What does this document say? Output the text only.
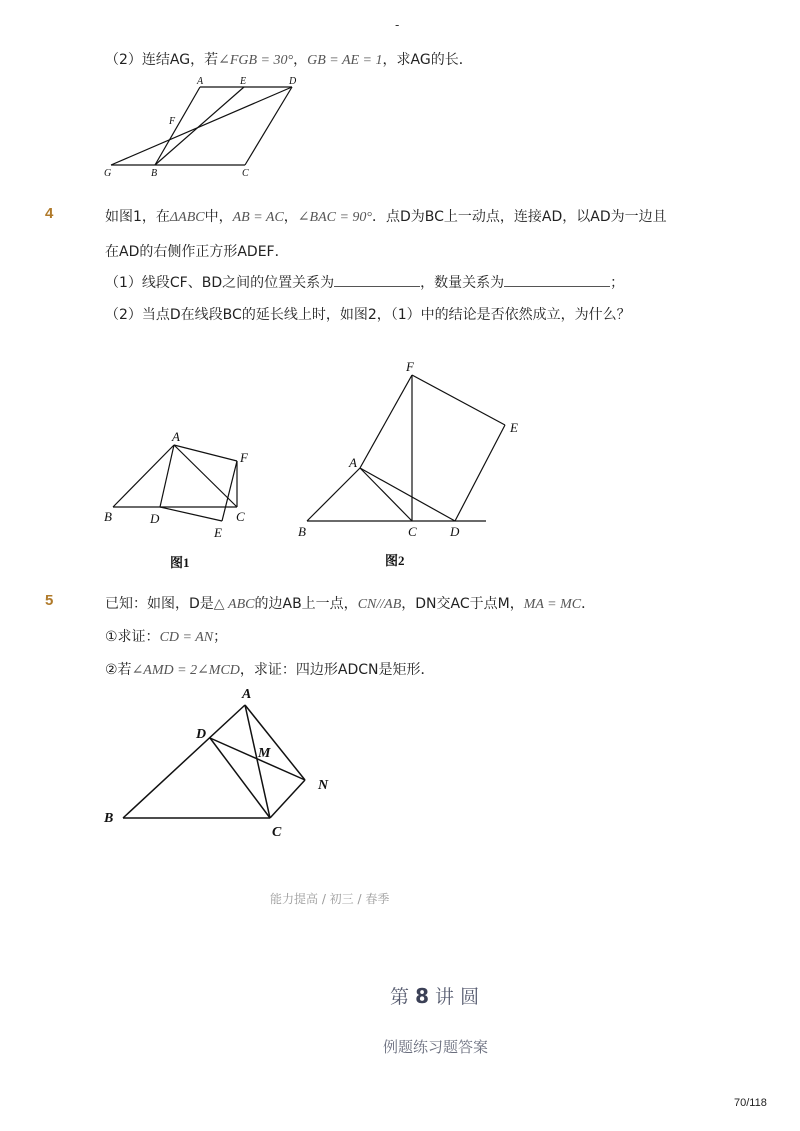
-
（2）连结AG，若∠FGB = 30°，GB = AE = 1，求AG的长．
A	E	D
F
G	B	C
4	如图1，在ΔABC中，AB = AC，∠BAC = 90°．点D为BC上一动点，连接AD，以AD为一边且
在AD的右侧作正方形ADEF．
（1）线段CF、BD之间的位置关系为	，数量关系为	；
（2）当点D在线段BC的延长线上时，如图2，（1）中的结论是否依然成立，为什么？
A
F
B	D	C
E
图1
F
E
A
B	C	D
图2
5	已知：如图，D是△ ABC的边AB上一点，CN//AB，DN交AC于点M，MA = MC．
①求证：CD = AN；
②若∠AMD = 2∠MCD，求证：四边形ADCN是矩形．
A
D
M
N
B
C
能力提高 / 初三 / 春季
第 8 讲 圆
例题练习题答案
70/118
